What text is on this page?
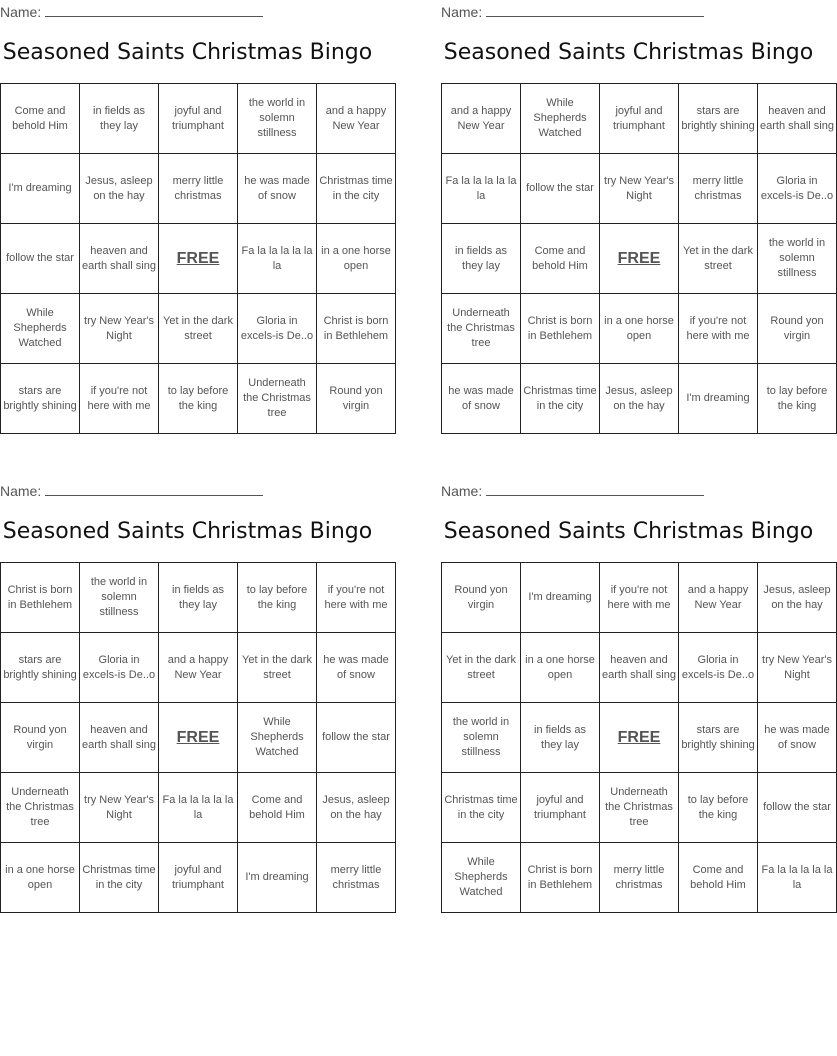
Name:
Seasoned Saints Christmas Bingo
Come and behold Him	in fields as they lay	joyful and triumphant	the world in solemn stillness	and a happy New Year
I'm dreaming	Jesus, asleep on the hay	merry little christmas	he was made of snow	Christmas time in the city
follow the star	heaven and earth shall sing	FREE	Fa la la la la la la	in a one horse open
While Shepherds Watched	try New Year's Night	Yet in the dark street	Gloria in excels-is De..o	Christ is born in Bethlehem
stars are brightly shining	if you're not here with me	to lay before the king	Underneath the Christmas tree	Round yon virgin
Name:
Seasoned Saints Christmas Bingo
and a happy New Year	While Shepherds Watched	joyful and triumphant	stars are brightly shining	heaven and earth shall sing
Fa la la la la la la	follow the star	try New Year's Night	merry little christmas	Gloria in excels-is De..o
in fields as they lay	Come and behold Him	FREE	Yet in the dark street	the world in solemn stillness
Underneath the Christmas tree	Christ is born in Bethlehem	in a one horse open	if you're not here with me	Round yon virgin
he was made of snow	Christmas time in the city	Jesus, asleep on the hay	I'm dreaming	to lay before the king
Name:
Seasoned Saints Christmas Bingo
Christ is born in Bethlehem	the world in solemn stillness	in fields as they lay	to lay before the king	if you're not here with me
stars are brightly shining	Gloria in excels-is De..o	and a happy New Year	Yet in the dark street	he was made of snow
Round yon virgin	heaven and earth shall sing	FREE	While Shepherds Watched	follow the star
Underneath the Christmas tree	try New Year's Night	Fa la la la la la la	Come and behold Him	Jesus, asleep on the hay
in a one horse open	Christmas time in the city	joyful and triumphant	I'm dreaming	merry little christmas
Name:
Seasoned Saints Christmas Bingo
Round yon virgin	I'm dreaming	if you're not here with me	and a happy New Year	Jesus, asleep on the hay
Yet in the dark street	in a one horse open	heaven and earth shall sing	Gloria in excels-is De..o	try New Year's Night
the world in solemn stillness	in fields as they lay	FREE	stars are brightly shining	he was made of snow
Christmas time in the city	joyful and triumphant	Underneath the Christmas tree	to lay before the king	follow the star
While Shepherds Watched	Christ is born in Bethlehem	merry little christmas	Come and behold Him	Fa la la la la la la
